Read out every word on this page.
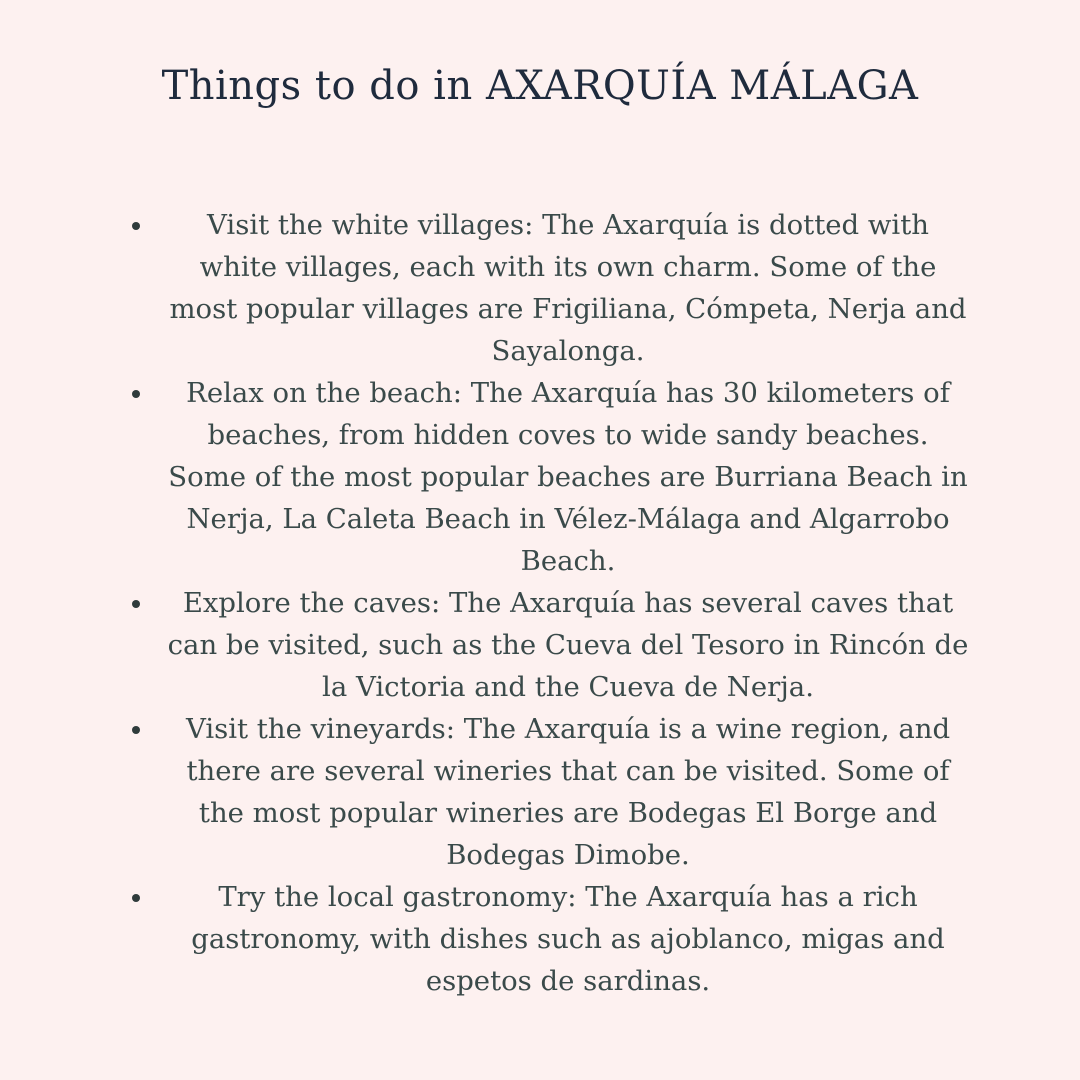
Things to do in AXARQUÍA MÁLAGA
Visit the white villages: The Axarquía is dotted with white villages, each with its own charm. Some of the most popular villages are Frigiliana, Cómpeta, Nerja and Sayalonga.
Relax on the beach: The Axarquía has 30 kilometers of beaches, from hidden coves to wide sandy beaches. Some of the most popular beaches are Burriana Beach in Nerja, La Caleta Beach in Vélez-Málaga and Algarrobo Beach.
Explore the caves: The Axarquía has several caves that can be visited, such as the Cueva del Tesoro in Rincón de la Victoria and the Cueva de Nerja.
Visit the vineyards: The Axarquía is a wine region, and there are several wineries that can be visited. Some of the most popular wineries are Bodegas El Borge and Bodegas Dimobe.
Try the local gastronomy: The Axarquía has a rich gastronomy, with dishes such as ajoblanco, migas and espetos de sardinas.
